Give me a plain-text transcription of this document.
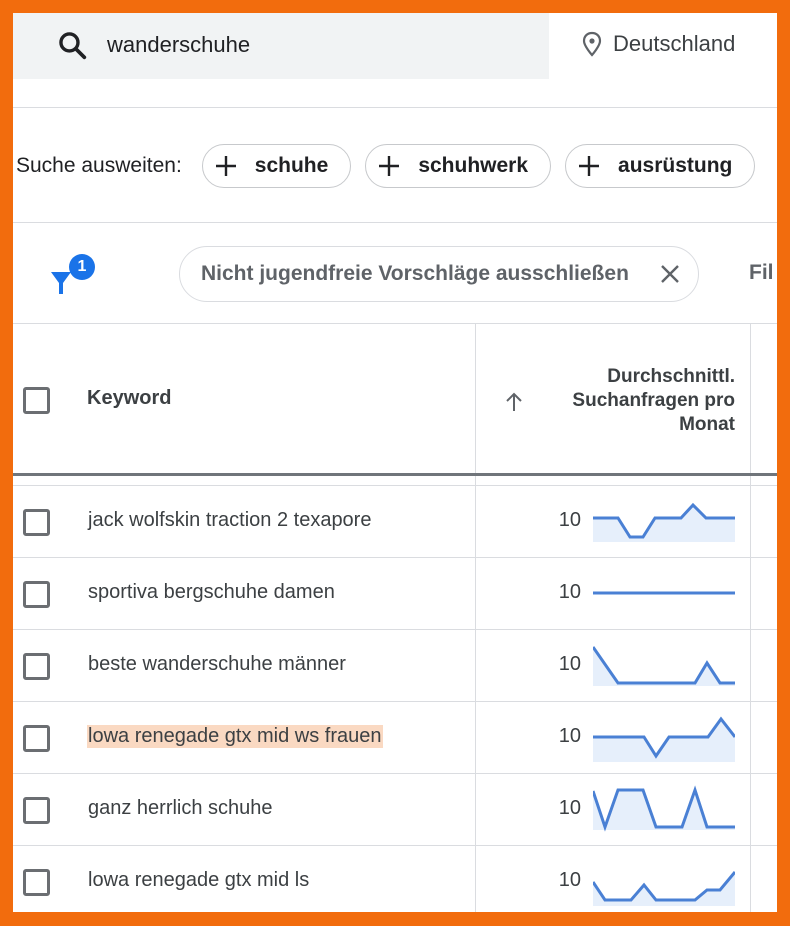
wanderschuhe	Deutschland
Suche ausweiten:	schuhe	schuhwerk	ausrüstung
1	Nicht jugendfreie Vorschläge ausschließen	Fil
Keyword
Durchschnittl.
Suchanfragen pro
Monat
jack wolfskin traction 2 texapore	10
sportiva bergschuhe damen	10
beste wanderschuhe männer	10
lowa renegade gtx mid ws frauen	10
ganz herrlich schuhe	10
lowa renegade gtx mid ls	10
